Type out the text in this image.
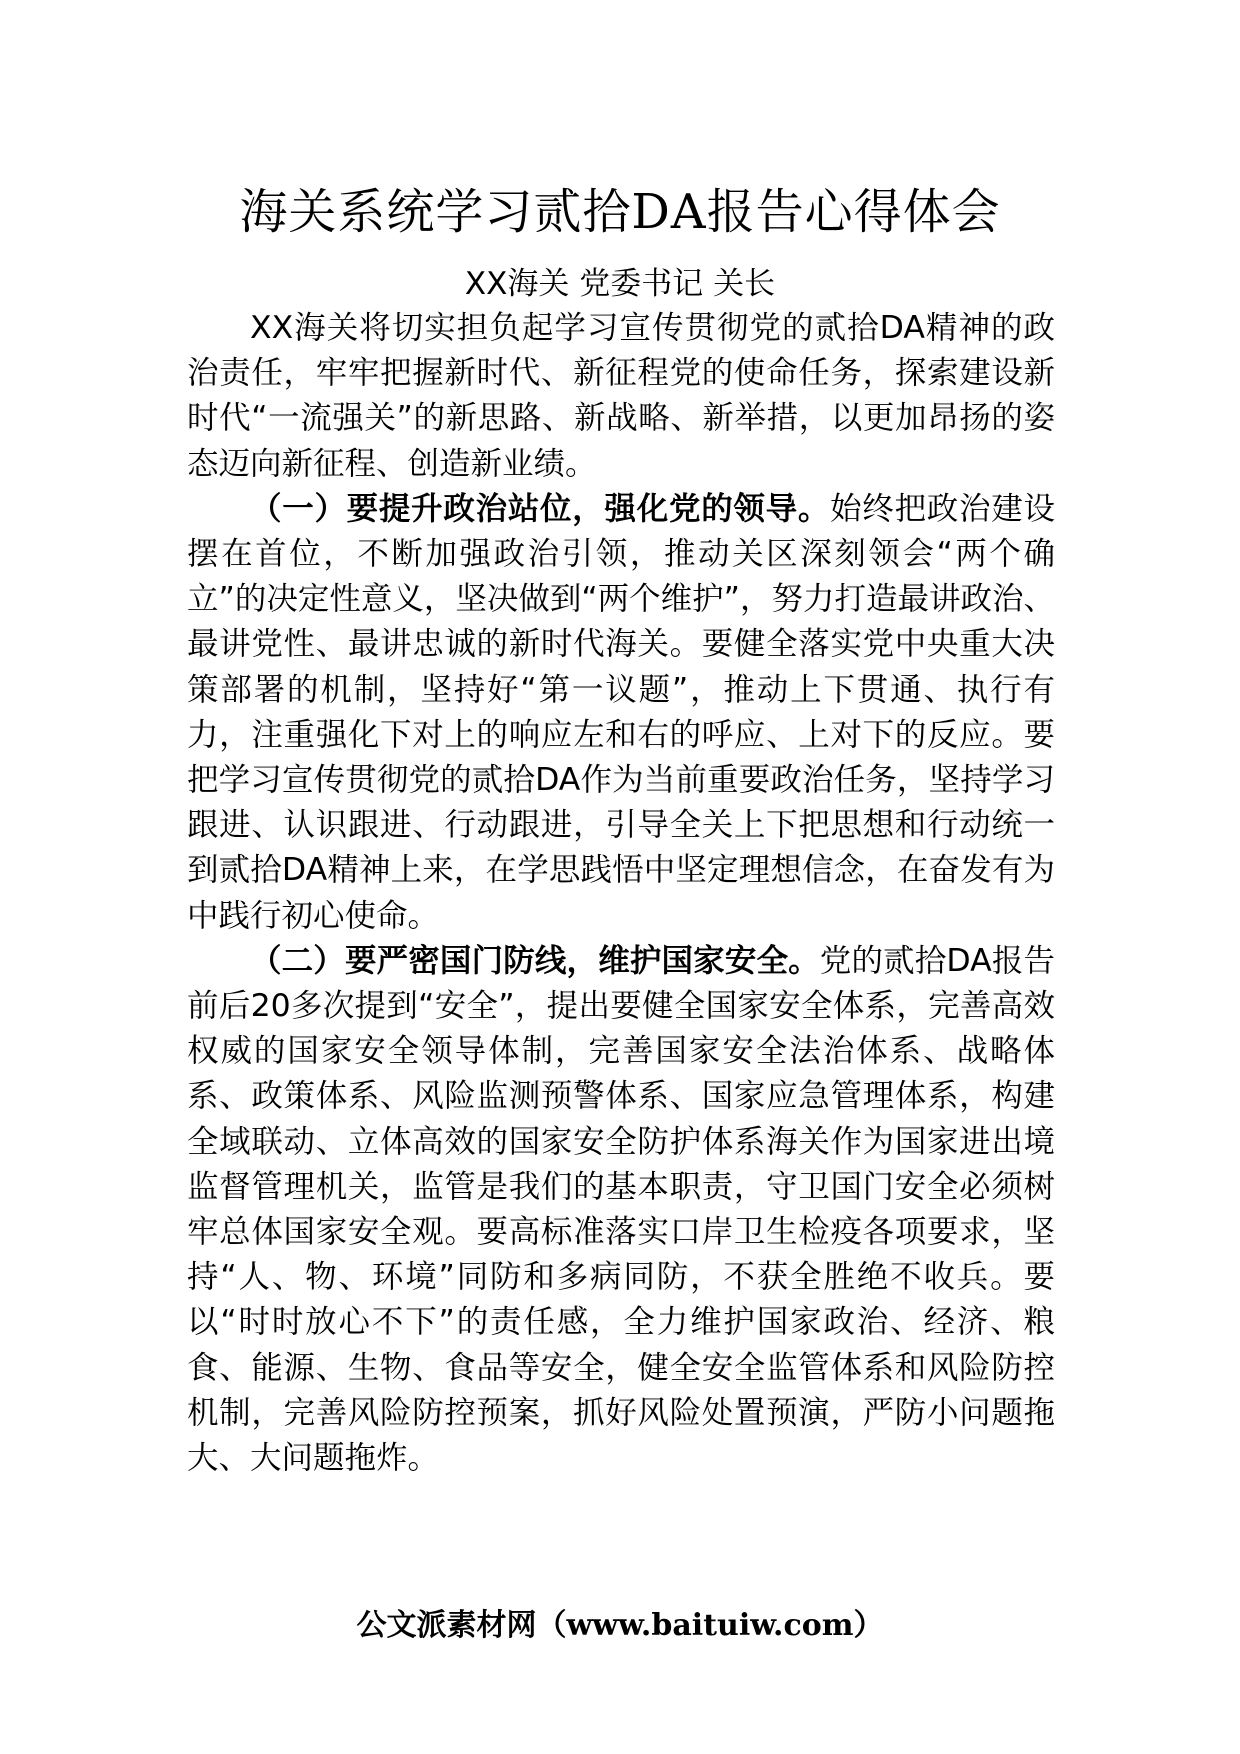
海关系统学习贰拾DA报告心得体会
XX海关 党委书记 关长

XX海关将切实担负起学习宣传贯彻党的贰拾DA精神的政治责任，牢牢把握新时代、新征程党的使命任务，探索建设新时代“一流强关”的新思路、新战略、新举措，以更加昂扬的姿态迈向新征程、创造新业绩。

（一）要提升政治站位，强化党的领导。始终把政治建设摆在首位，不断加强政治引领，推动关区深刻领会“两个确立”的决定性意义，坚决做到“两个维护”，努力打造最讲政治、最讲党性、最讲忠诚的新时代海关。要健全落实党中央重大决策部署的机制，坚持好“第一议题”，推动上下贯通、执行有力，注重强化下对上的响应左和右的呼应、上对下的反应。要把学习宣传贯彻党的贰拾DA作为当前重要政治任务，坚持学习跟进、认识跟进、行动跟进，引导全关上下把思想和行动统一到贰拾DA精神上来，在学思践悟中坚定理想信念，在奋发有为中践行初心使命。

（二）要严密国门防线，维护国家安全。党的贰拾DA报告前后20多次提到“安全”，提出要健全国家安全体系，完善高效权威的国家安全领导体制，完善国家安全法治体系、战略体系、政策体系、风险监测预警体系、国家应急管理体系，构建全域联动、立体高效的国家安全防护体系海关作为国家进出境监督管理机关，监管是我们的基本职责，守卫国门安全必须树牢总体国家安全观。要高标准落实口岸卫生检疫各项要求，坚持“人、物、环境”同防和多病同防，不获全胜绝不收兵。要以“时时放心不下”的责任感，全力维护国家政治、经济、粮食、能源、生物、食品等安全，健全安全监管体系和风险防控机制，完善风险防控预案，抓好风险处置预演，严防小问题拖大、大问题拖炸。

公文派素材网（www.baituiw.com）
